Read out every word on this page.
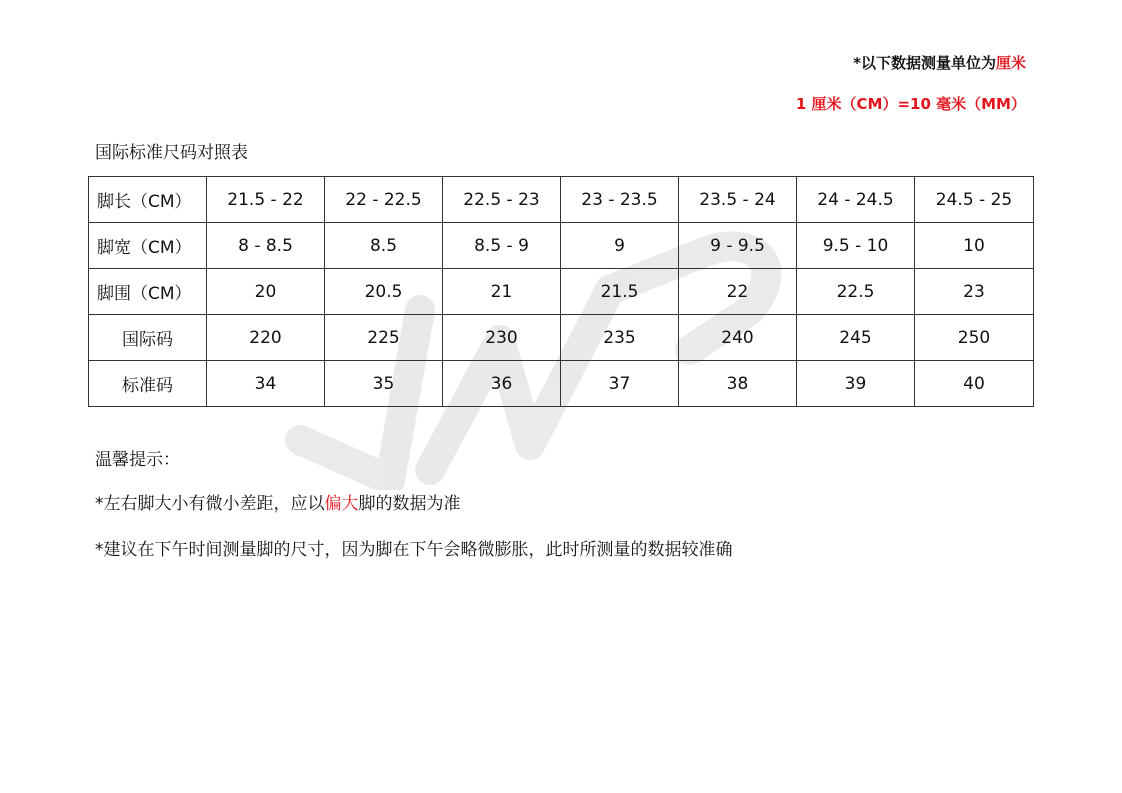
*以下数据测量单位为厘米
1 厘米（CM）=10 毫米（MM）
国际标准尺码对照表
脚长（CM）	21.5 - 22	22 - 22.5	22.5 - 23	23 - 23.5	23.5 - 24	24 - 24.5	24.5 - 25
脚宽（CM）	8 - 8.5	8.5	8.5 - 9	9	9 - 9.5	9.5 - 10	10
脚围（CM）	20	20.5	21	21.5	22	22.5	23
国际码	220	225	230	235	240	245	250
标准码	34	35	36	37	38	39	40
温馨提示：
*左右脚大小有微小差距，应以偏大脚的数据为准
*建议在下午时间测量脚的尺寸，因为脚在下午会略微膨胀，此时所测量的数据较准确
